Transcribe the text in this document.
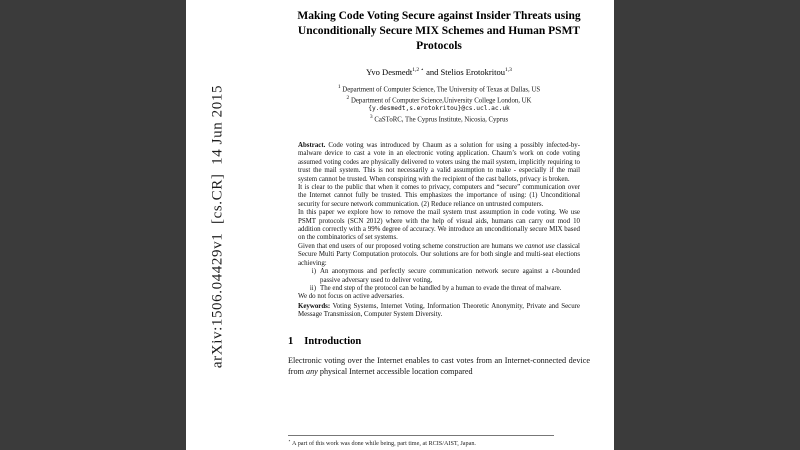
arXiv:1506.04429v1  [cs.CR]  14 Jun 2015
Making Code Voting Secure against Insider Threats using Unconditionally Secure MIX Schemes and Human PSMT Protocols
Yvo Desmedt$^{1,2 ⋆}$ and Stelios Erotokritou$^{1,3}$
$^1$ Department of Computer Science, The University of Texas at Dallas, US
$^2$ Department of Computer Science,University College London, UK
{y.desmedt,s.erotokritou}@cs.ucl.ac.uk
$^3$ CaSToRC, The Cyprus Institute, Nicosia, Cyprus

Abstract. Code voting was introduced by Chaum as a solution for using a possibly infected-by-malware device to cast a vote in an electronic voting application. Chaum’s work on code voting assumed voting codes are physically delivered to voters using the mail system, implicitly requiring to trust the mail system. This is not necessarily a valid assumption to make - especially if the mail system cannot be trusted. When conspiring with the recipient of the cast ballots, privacy is broken.

It is clear to the public that when it comes to privacy, computers and “secure” communication over the Internet cannot fully be trusted. This emphasizes the importance of using: (1) Unconditional security for secure network communication. (2) Reduce reliance on untrusted computers.

In this paper we explore how to remove the mail system trust assumption in code voting. We use PSMT protocols (SCN 2012) where with the help of visual aids, humans can carry out mod 10 addition correctly with a 99% degree of accuracy. We introduce an unconditionally secure MIX based on the combinatorics of set systems.

Given that end users of our proposed voting scheme construction are humans we cannot use classical Secure Multi Party Computation protocols. Our solutions are for both single and multi-seat elections achieving:

i) An anonymous and perfectly secure communication network secure against a t-bounded passive adversary used to deliver voting,
ii) The end step of the protocol can be handled by a human to evade the threat of malware.

We do not focus on active adversaries.

Keywords: Voting Systems, Internet Voting, Information Theoretic Anonymity, Private and Secure Message Transmission, Computer System Diversity.

1 Introduction
Electronic voting over the Internet enables to cast votes from an Internet-connected device from any physical Internet accessible location compared
⋆ A part of this work was done while being, part time, at RCIS/AIST, Japan.
